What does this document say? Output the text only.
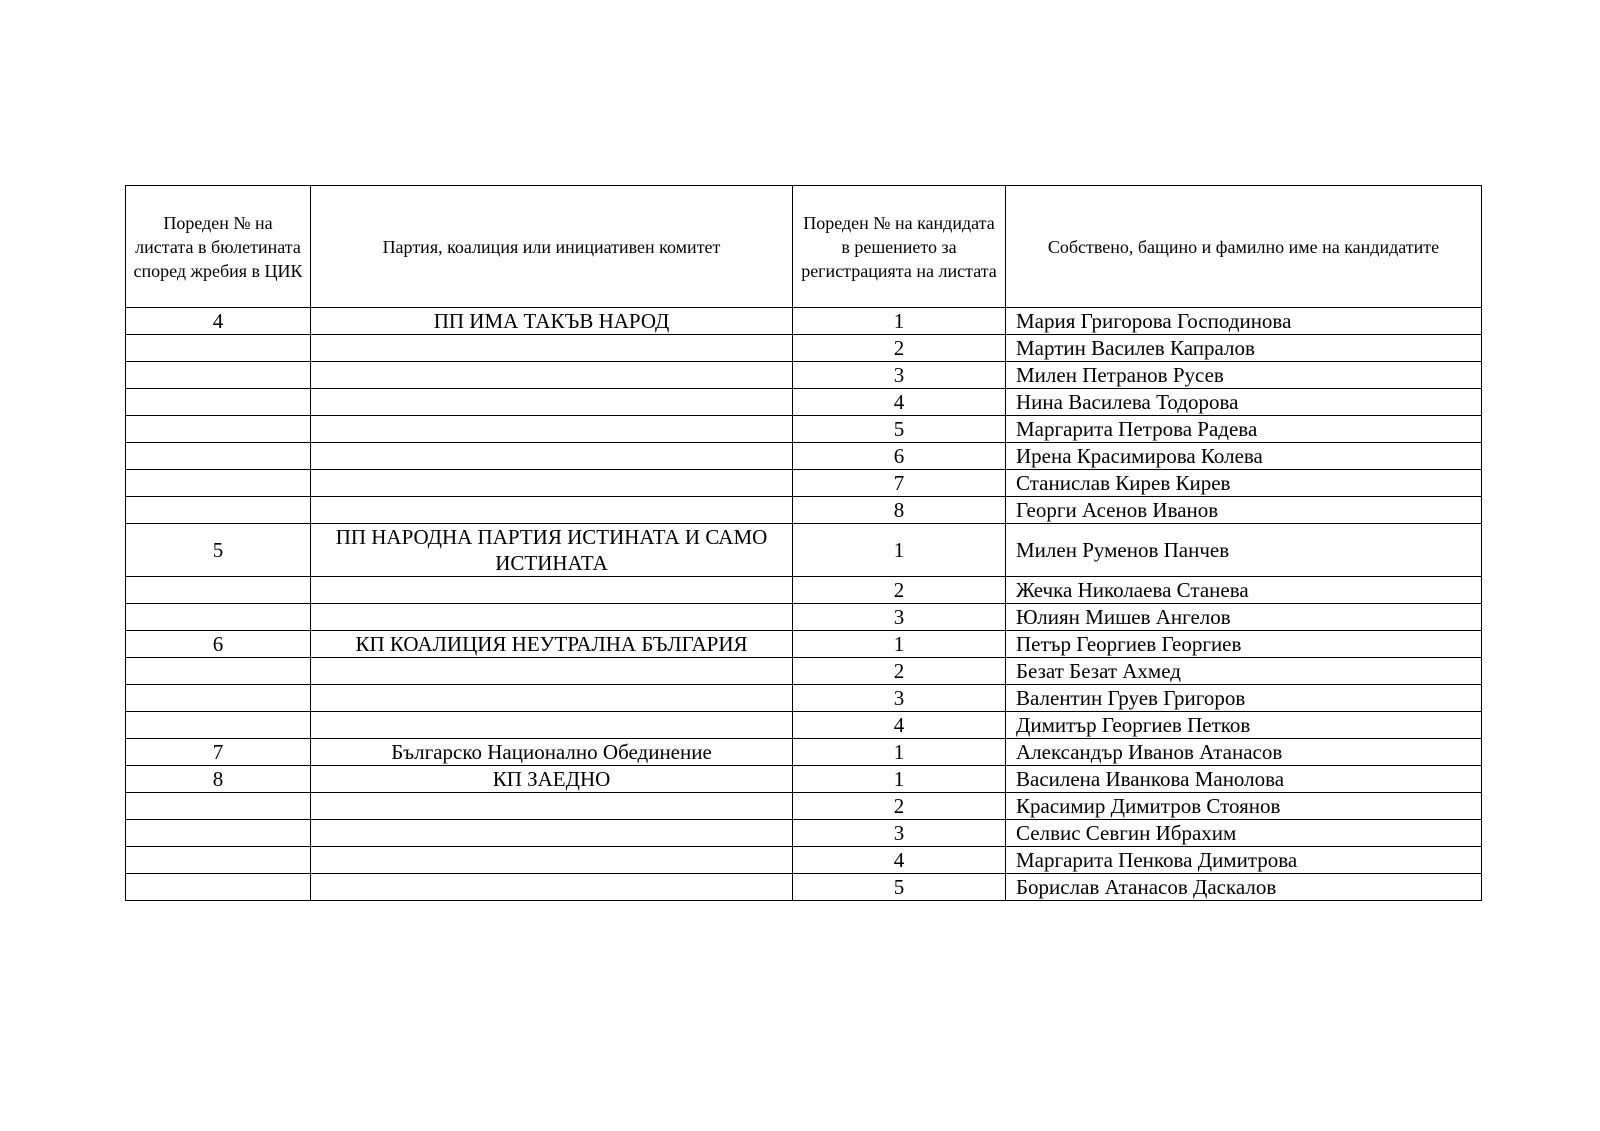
Пореден № на листата в бюлетината според жребия в ЦИК	Партия, коалиция или инициативен комитет	Пореден № на кандидата в решението за регистрацията на листата	Собствено, бащино и фамилно име на кандидатите
4	ПП ИМА ТАКЪВ НАРОД	1	Мария Григорова Господинова
		2	Мартин Василев Капралов
		3	Милен Петранов Русев
		4	Нина Василева Тодорова
		5	Маргарита Петрова Радева
		6	Ирена Красимирова Колева
		7	Станислав Кирев Кирев
		8	Георги Асенов Иванов
5	ПП НАРОДНА ПАРТИЯ ИСТИНАТА И САМО ИСТИНАТА	1	Милен Руменов Панчев
		2	Жечка Николаева Станева
		3	Юлиян Мишев Ангелов
6	КП КОАЛИЦИЯ НЕУТРАЛНА БЪЛГАРИЯ	1	Петър Георгиев Георгиев
		2	Безат Безат Ахмед
		3	Валентин Груев Григоров
		4	Димитър Георгиев Петков
7	Българско Национално Обединение	1	Александър Иванов Атанасов
8	КП ЗАЕДНО	1	Василена Иванкова Манолова
		2	Красимир Димитров Стоянов
		3	Селвис Севгин Ибрахим
		4	Маргарита Пенкова Димитрова
		5	Борислав Атанасов Даскалов
